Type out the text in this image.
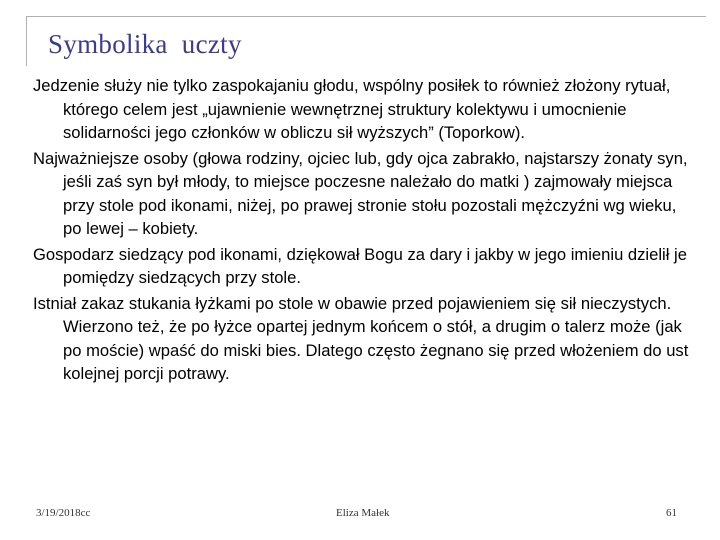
Symbolika  uczty
Jedzenie służy nie tylko zaspokajaniu głodu, wspólny posiłek to również złożony rytuał, którego celem jest „ujawnienie wewnętrznej struktury kolektywu i umocnienie solidarności jego członków w obliczu sił wyższych” (Toporkow).
Najważniejsze osoby (głowa rodziny, ojciec lub, gdy ojca zabrakło, najstarszy żonaty syn, jeśli zaś syn był młody, to miejsce poczesne należało do matki ) zajmowały miejsca przy stole pod ikonami, niżej, po prawej stronie stołu pozostali mężczyźni wg wieku, po lewej – kobiety.
Gospodarz siedzący pod ikonami, dziękował Bogu za dary i jakby w jego imieniu dzielił je pomiędzy siedzących przy stole.
Istniał zakaz stukania łyżkami po stole w obawie przed pojawieniem się sił nieczystych. Wierzono też, że po łyżce opartej jednym końcem o stół, a drugim o talerz może (jak po moście) wpaść do miski bies. Dlatego często żegnano się przed włożeniem do ust kolejnej porcji potrawy.
3/19/2018cc	Eliza Małek	61
